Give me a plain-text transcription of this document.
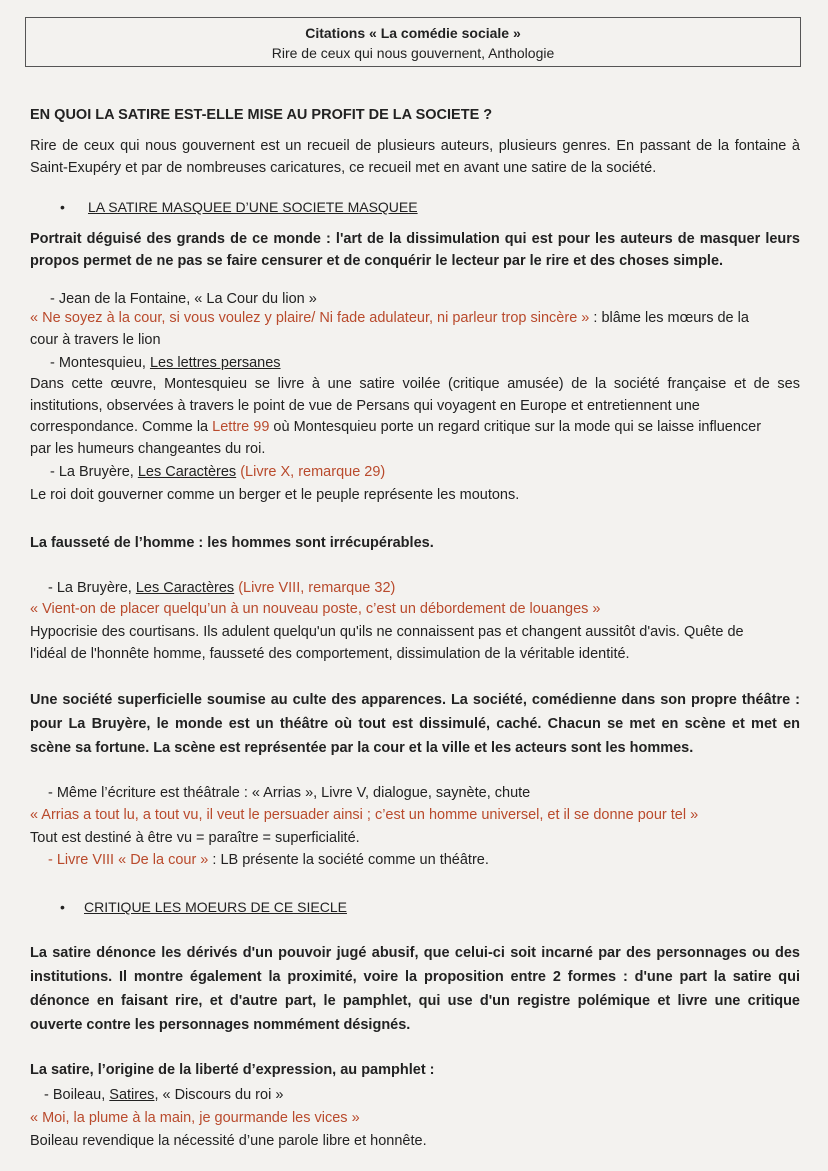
Citations « La comédie sociale »
Rire de ceux qui nous gouvernent, Anthologie
EN QUOI LA SATIRE EST-ELLE MISE AU PROFIT DE LA SOCIETE ?
Rire de ceux qui nous gouvernent est un recueil de plusieurs auteurs, plusieurs genres. En passant de la fontaine à Saint-Exupéry et par de nombreuses caricatures, ce recueil met en avant une satire de la société.
• LA SATIRE MASQUEE D’UNE SOCIETE MASQUEE
Portrait déguisé des grands de ce monde : l'art de la dissimulation qui est pour les auteurs de masquer leurs propos permet de ne pas se faire censurer et de conquérir le lecteur par le rire et des choses simple.
- Jean de la Fontaine, « La Cour du lion »
« Ne soyez à la cour, si vous voulez y plaire/ Ni fade adulateur, ni parleur trop sincère » : blâme les mœurs de la
cour à travers le lion
- Montesquieu, Les lettres persanes
Dans cette œuvre, Montesquieu se livre à une satire voilée (critique amusée) de la société française et de ses institutions, observées à travers le point de vue de Persans qui voyagent en Europe et entretiennent une
correspondance. Comme la Lettre 99 où Montesquieu porte un regard critique sur la mode qui se laisse influencer
par les humeurs changeantes du roi.
- La Bruyère, Les Caractères (Livre X, remarque 29)
Le roi doit gouverner comme un berger et le peuple représente les moutons.
La fausseté de l’homme : les hommes sont irrécupérables.
- La Bruyère, Les Caractères (Livre VIII, remarque 32)
« Vient-on de placer quelqu’un à un nouveau poste, c’est un débordement de louanges »
Hypocrisie des courtisans. Ils adulent quelqu'un qu'ils ne connaissent pas et changent aussitôt d'avis. Quête de
l'idéal de l'honnête homme, fausseté des comportement, dissimulation de la véritable identité.
Une société superficielle soumise au culte des apparences. La société, comédienne dans son propre théâtre : pour La Bruyère, le monde est un théâtre où tout est dissimulé, caché. Chacun se met en scène et met en scène sa fortune. La scène est représentée par la cour et la ville et les acteurs sont les hommes.
- Même l’écriture est théâtrale : « Arrias », Livre V, dialogue, saynète, chute
« Arrias a tout lu, a tout vu, il veut le persuader ainsi ; c’est un homme universel, et il se donne pour tel »
Tout est destiné à être vu = paraître = superficialité.
- Livre VIII « De la cour » : LB présente la société comme un théâtre.
• CRITIQUE LES MOEURS DE CE SIECLE
La satire dénonce les dérivés d'un pouvoir jugé abusif, que celui-ci soit incarné par des personnages ou des institutions. Il montre également la proximité, voire la proposition entre 2 formes : d'une part la satire qui dénonce en faisant rire, et d'autre part, le pamphlet, qui use d'un registre polémique et livre une critique ouverte contre les personnages nommément désignés.
La satire, l’origine de la liberté d’expression, au pamphlet :
- Boileau, Satires, « Discours du roi »
« Moi, la plume à la main, je gourmande les vices »
Boileau revendique la nécessité d’une parole libre et honnête.
